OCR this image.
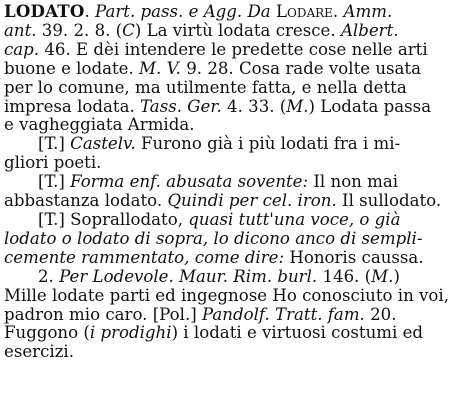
LODATO. Part. pass. e Agg. Da Lodare. Amm.
ant. 39. 2. 8. (C) La virtù lodata cresce. Albert.
cap. 46. E dèi intendere le predette cose nelle arti
buone e lodate. M. V. 9. 28. Cosa rade volte usata
per lo comune, ma utilmente fatta, e nella detta
impresa lodata. Tass. Ger. 4. 33. (M.) Lodata passa
e vagheggiata Armida.
[T.] Castelv. Furono già i più lodati fra i mi-
gliori poeti.
[T.] Forma enf. abusata sovente: Il non mai
abbastanza lodato. Quindi per cel. iron. Il sullodato.
[T.] Soprallodato, quasi tutt'una voce, o già
lodato o lodato di sopra, lo dicono anco di sempli-
cemente rammentato, come dire: Honoris caussa.
2. Per Lodevole. Maur. Rim. burl. 146. (M.)
Mille lodate parti ed ingegnose Ho conosciuto in voi,
padron mio caro. [Pol.] Pandolf. Tratt. fam. 20.
Fuggono (i prodighi) i lodati e virtuosi costumi ed
esercizi.
